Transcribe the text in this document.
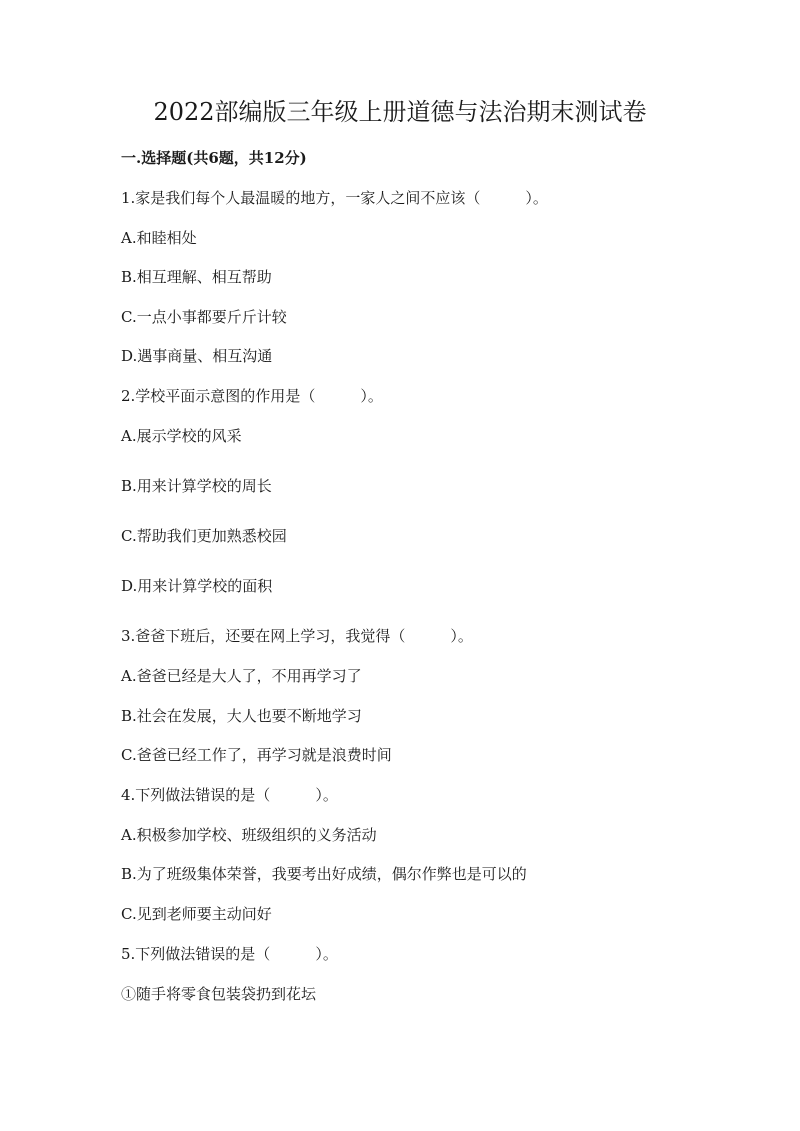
2022部编版三年级上册道德与法治期末测试卷
一.选择题(共6题，共12分)
1.家是我们每个人最温暖的地方，一家人之间不应该（　　　）。
A.和睦相处
B.相互理解、相互帮助
C.一点小事都要斤斤计较
D.遇事商量、相互沟通
2.学校平面示意图的作用是（　　　）。
A.展示学校的风采
B.用来计算学校的周长
C.帮助我们更加熟悉校园
D.用来计算学校的面积
3.爸爸下班后，还要在网上学习，我觉得（　　　）。
A.爸爸已经是大人了，不用再学习了
B.社会在发展，大人也要不断地学习
C.爸爸已经工作了，再学习就是浪费时间
4.下列做法错误的是（　　　）。
A.积极参加学校、班级组织的义务活动
B.为了班级集体荣誉，我要考出好成绩，偶尔作弊也是可以的
C.见到老师要主动问好
5.下列做法错误的是（　　　）。
①随手将零食包装袋扔到花坛
